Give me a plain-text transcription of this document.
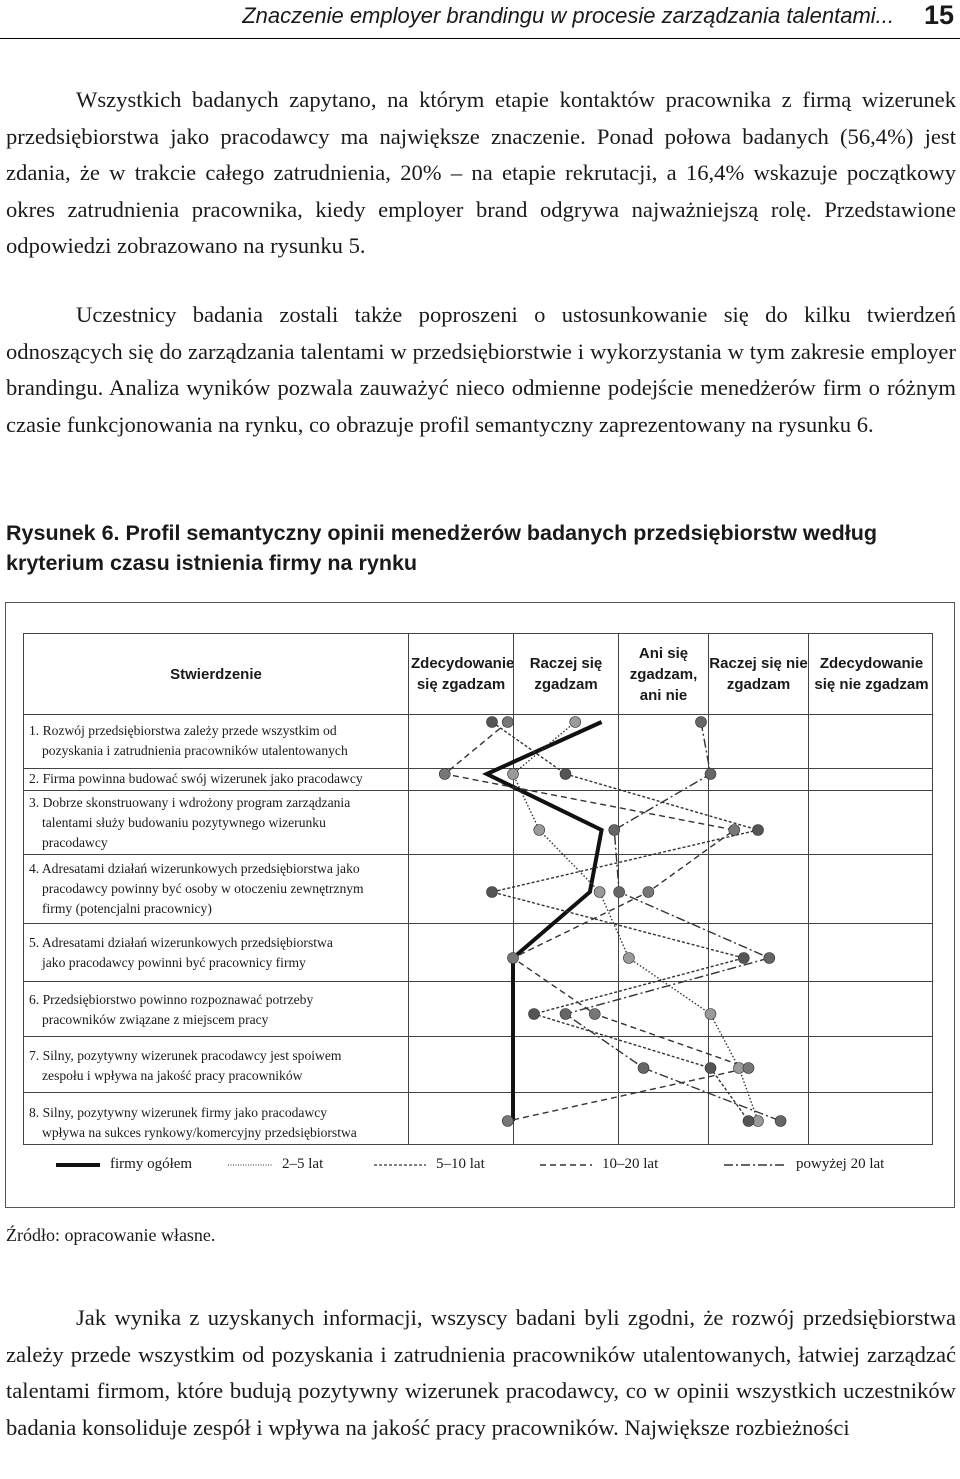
Znaczenie employer brandingu w procesie zarządzania talentami... 15

Wszystkich badanych zapytano, na którym etapie kontaktów pracownika z firmą wizerunek przedsiębiorstwa jako pracodawcy ma największe znaczenie. Ponad połowa badanych (56,4%) jest zdania, że w trakcie całego zatrudnienia, 20% – na etapie rekrutacji, a 16,4% wskazuje początkowy okres zatrudnienia pracownika, kiedy employer brand odgrywa najważniejszą rolę. Przedstawione odpowiedzi zobrazowano na rysunku 5.

Uczestnicy badania zostali także poproszeni o ustosunkowanie się do kilku twierdzeń odnoszących się do zarządzania talentami w przedsiębiorstwie i wykorzystania w tym zakresie employer brandingu. Analiza wyników pozwala zauważyć nieco odmienne podejście menedżerów firm o różnym czasie funkcjonowania na rynku, co obrazuje profil semantyczny zaprezentowany na rysunku 6.

Rysunek 6. Profil semantyczny opinii menedżerów badanych przedsiębiorstw według kryterium czasu istnienia firmy na rynku
Stwierdzenie
Zdecydowanie się zgadzam
Raczej się zgadzam
Ani się zgadzam, ani nie
Raczej się nie zgadzam
Zdecydowanie się nie zgadzam
1. Rozwój przedsiębiorstwa zależy przede wszystkim od
pozyskania i zatrudnienia pracowników utalentowanych
2. Firma powinna budować swój wizerunek jako pracodawcy
3. Dobrze skonstruowany i wdrożony program zarządzania
talentami służy budowaniu pozytywnego wizerunku
pracodawcy
4. Adresatami działań wizerunkowych przedsiębiorstwa jako
pracodawcy powinny być osoby w otoczeniu zewnętrznym
firmy (potencjalni pracownicy)
5. Adresatami działań wizerunkowych przedsiębiorstwa
jako pracodawcy powinni być pracownicy firmy
6. Przedsiębiorstwo powinno rozpoznawać potrzeby
pracowników związane z miejscem pracy
7. Silny, pozytywny wizerunek pracodawcy jest spoiwem
zespołu i wpływa na jakość pracy pracowników
8. Silny, pozytywny wizerunek firmy jako pracodawcy
wpływa na sukces rynkowy/komercyjny przedsiębiorstwa
firmy ogółem	2–5 lat	5–10 lat	10–20 lat	powyżej 20 lat
Źródło: opracowanie własne.

Jak wynika z uzyskanych informacji, wszyscy badani byli zgodni, że rozwój przedsiębiorstwa zależy przede wszystkim od pozyskania i zatrudnienia pracowników utalentowanych, łatwiej zarządzać talentami firmom, które budują pozytywny wizerunek pracodawcy, co w opinii wszystkich uczestników badania konsoliduje zespół i wpływa na jakość pracy pracowników. Największe rozbieżności
